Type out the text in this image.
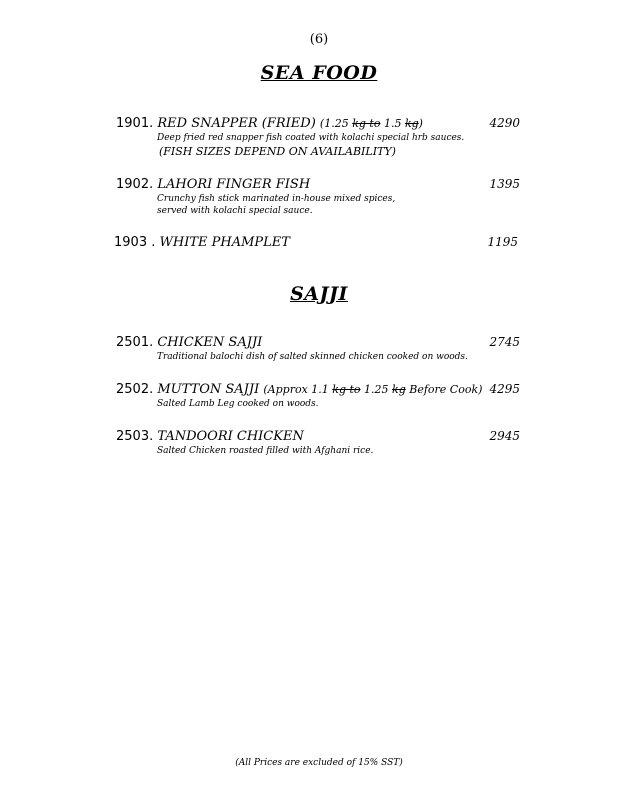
(6)
SEA FOOD
1901. RED SNAPPER (FRIED) (1.25 kg to 1.5 kg)	4290
Deep fried red snapper fish coated with kolachi special hrb sauces.
(FISH SIZES DEPEND ON AVAILABILITY)
1902. LAHORI FINGER FISH	1395
Crunchy fish stick marinated in-house mixed spices,
served with kolachi special sauce.
1903 . WHITE PHAMPLET	1195
SAJJI
2501. CHICKEN SAJJI	2745
Traditional balochi dish of salted skinned chicken cooked on woods.
2502. MUTTON SAJJI (Approx 1.1 kg to 1.25 kg Before Cook) 4295
Salted Lamb Leg cooked on woods.
2503. TANDOORI CHICKEN	2945
Salted Chicken roasted filled with Afghani rice.
(All Prices are excluded of 15% SST)
